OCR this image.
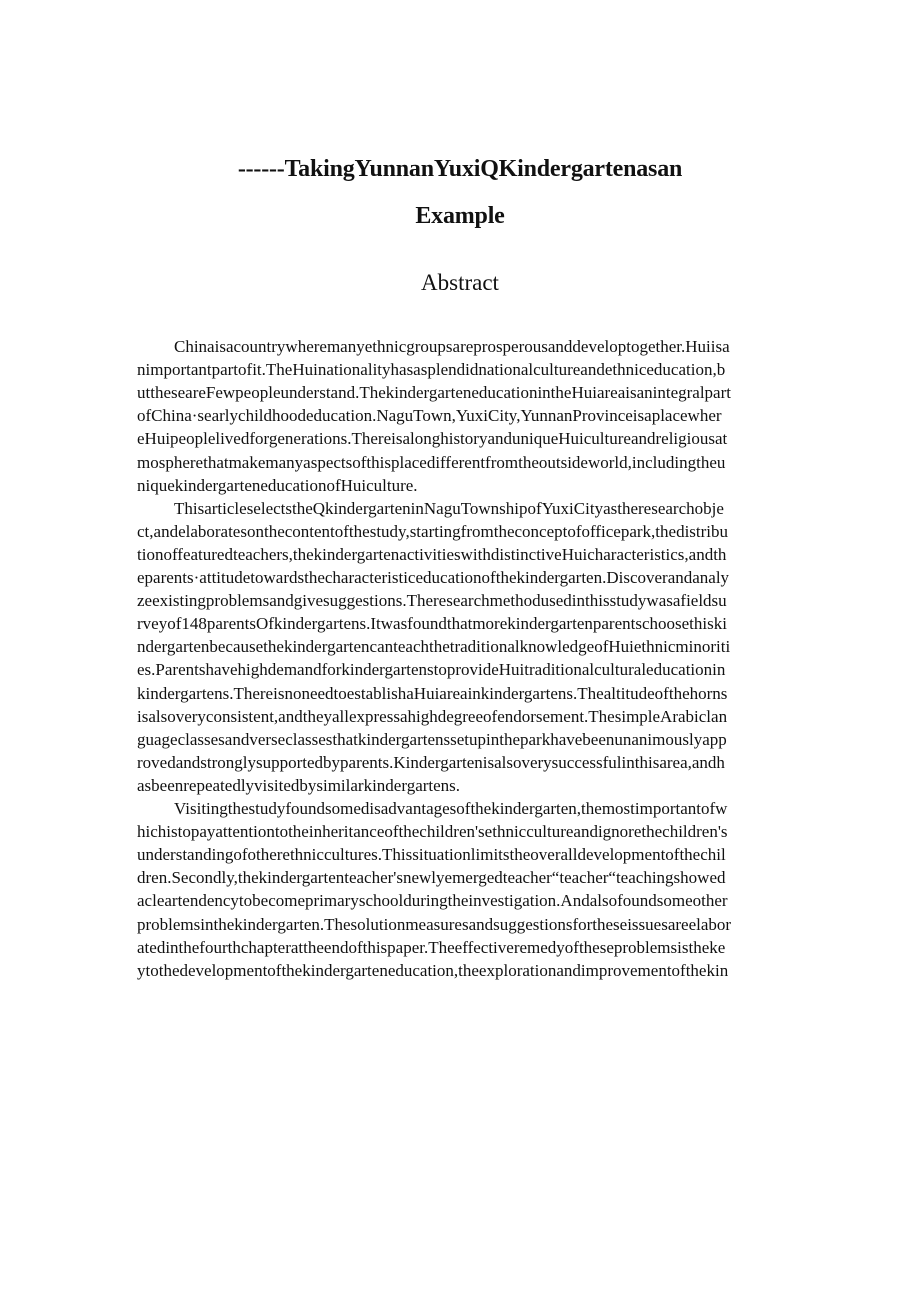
------TakingYunnanYuxiQKindergartenasan
Example
Abstract
Chinaisacountrywheremanyethnicgroupsareprosperousanddeveloptogether.Huiisa
nimportantpartofit.TheHuinationalityhasasplendidnationalcultureandethniceducation,b
uttheseareFewpeopleunderstand.ThekindergarteneducationintheHuiareaisanintegralpart
ofChina·searlychildhoodeducation.NaguTown,YuxiCity,YunnanProvinceisaplacewher
eHuipeoplelivedforgenerations.ThereisalonghistoryanduniqueHuicultureandreligiousat
mospherethatmakemanyaspectsofthisplacedifferentfromtheoutsideworld,includingtheu
niquekindergarteneducationofHuiculture.
ThisarticleselectstheQkindergarteninNaguTownshipofYuxiCityastheresearchobje
ct,andelaboratesonthecontentofthestudy,startingfromtheconceptofofficepark,thedistribu
tionoffeaturedteachers,thekindergartenactivitieswithdistinctiveHuicharacteristics,andth
eparents·attitudetowardsthecharacteristiceducationofthekindergarten.Discoverandanaly
zeexistingproblemsandgivesuggestions.Theresearchmethodusedinthisstudywasafieldsu
rveyof148parentsOfkindergartens.Itwasfoundthatmorekindergartenparentschoosethiski
ndergartenbecausethekindergartencanteachthetraditionalknowledgeofHuiethnicminoriti
es.ParentshavehighdemandforkindergartenstoprovideHuitraditionalculturaleducationin
kindergartens.ThereisnoneedtoestablishaHuiareainkindergartens.Thealtitudeofthehorns
isalsoveryconsistent,andtheyallexpressahighdegreeofendorsement.ThesimpleArabiclan
guageclassesandverseclassesthatkindergartenssetupintheparkhavebeenunanimouslyapp
rovedandstronglysupportedbyparents.Kindergartenisalsoverysuccessfulinthisarea,andh
asbeenrepeatedlyvisitedbysimilarkindergartens.
Visitingthestudyfoundsomedisadvantagesofthekindergarten,themostimportantofw
hichistopayattentiontotheinheritanceofthechildren'sethniccultureandignorethechildren's
understandingofotherethniccultures.Thissituationlimitstheoveralldevelopmentofthechil
dren.Secondly,thekindergartenteacher'snewlyemergedteacher“teacher“teachingshowed
acleartendencytobecomeprimaryschoolduringtheinvestigation.Andalsofoundsomeother
problemsinthekindergarten.Thesolutionmeasuresandsuggestionsfortheseissuesareelabor
atedinthefourthchapterattheendofthispaper.Theeffectiveremedyoftheseproblemsistheke
ytothedevelopmentofthekindergarteneducation,theexplorationandimprovementofthekin
